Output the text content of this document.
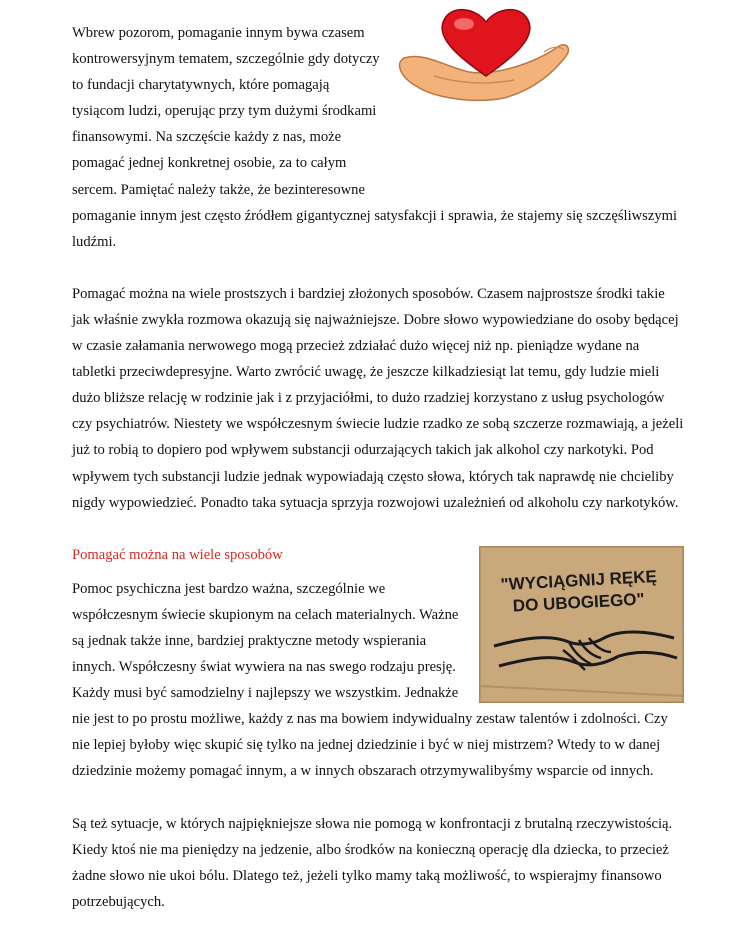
Wbrew pozorom, pomaganie innym bywa czasem kontrowersyjnym tematem, szczególnie gdy dotyczy to fundacji charytatywnych, które pomagają tysiącom ludzi, operując przy tym dużymi środkami finansowymi. Na szczęście każdy z nas, może pomagać jednej konkretnej osobie, za to całym sercem. Pamiętać należy także, że bezinteresowne pomaganie innym jest często źródłem gigantycznej satysfakcji i sprawia, że stajemy się szczęśliwszymi ludźmi.

Pomagać można na wiele prostszych i bardziej złożonych sposobów. Czasem najprostsze środki takie jak właśnie zwykła rozmowa okazują się najważniejsze. Dobre słowo wypowiedziane do osoby będącej w czasie załamania nerwowego mogą przecież zdziałać dużo więcej niż np. pieniądze wydane na tabletki przeciwdepresyjne. Warto zwrócić uwagę, że jeszcze kilkadziesiąt lat temu, gdy ludzie mieli dużo bliższe relację w rodzinie jak i z przyjaciółmi, to dużo rzadziej korzystano z usług psychologów czy psychiatrów. Niestety we współczesnym świecie ludzie rzadko ze sobą szczerze rozmawiają, a jeżeli już to robią to dopiero pod wpływem substancji odurzających takich jak alkohol czy narkotyki. Pod wpływem tych substancji ludzie jednak wypowiadają często słowa, których tak naprawdę nie chcieliby nigdy wypowiedzieć. Ponadto taka sytuacja sprzyja rozwojowi uzależnień od alkoholu czy narkotyków.

"WYCIĄGNIJ RĘKĘ
DO UBOGIEGO"

Pomagać można na wiele sposobów

Pomoc psychiczna jest bardzo ważna, szczególnie we współczesnym świecie skupionym na celach materialnych. Ważne są jednak także inne, bardziej praktyczne metody wspierania innych. Współczesny świat wywiera na nas swego rodzaju presję. Każdy musi być samodzielny i najlepszy we wszystkim. Jednakże nie jest to po prostu możliwe, każdy z nas ma bowiem indywidualny zestaw talentów i zdolności. Czy nie lepiej byłoby więc skupić się tylko na jednej dziedzinie i być w niej mistrzem? Wtedy to w danej dziedzinie możemy pomagać innym, a w innych obszarach otrzymywalibyśmy wsparcie od innych.

Są też sytuacje, w których najpiękniejsze słowa nie pomogą w konfrontacji z brutalną rzeczywistością. Kiedy ktoś nie ma pieniędzy na jedzenie, albo środków na konieczną operację dla dziecka, to przecież żadne słowo nie ukoi bólu. Dlatego też, jeżeli tylko mamy taką możliwość, to wspierajmy finansowo potrzebujących.
